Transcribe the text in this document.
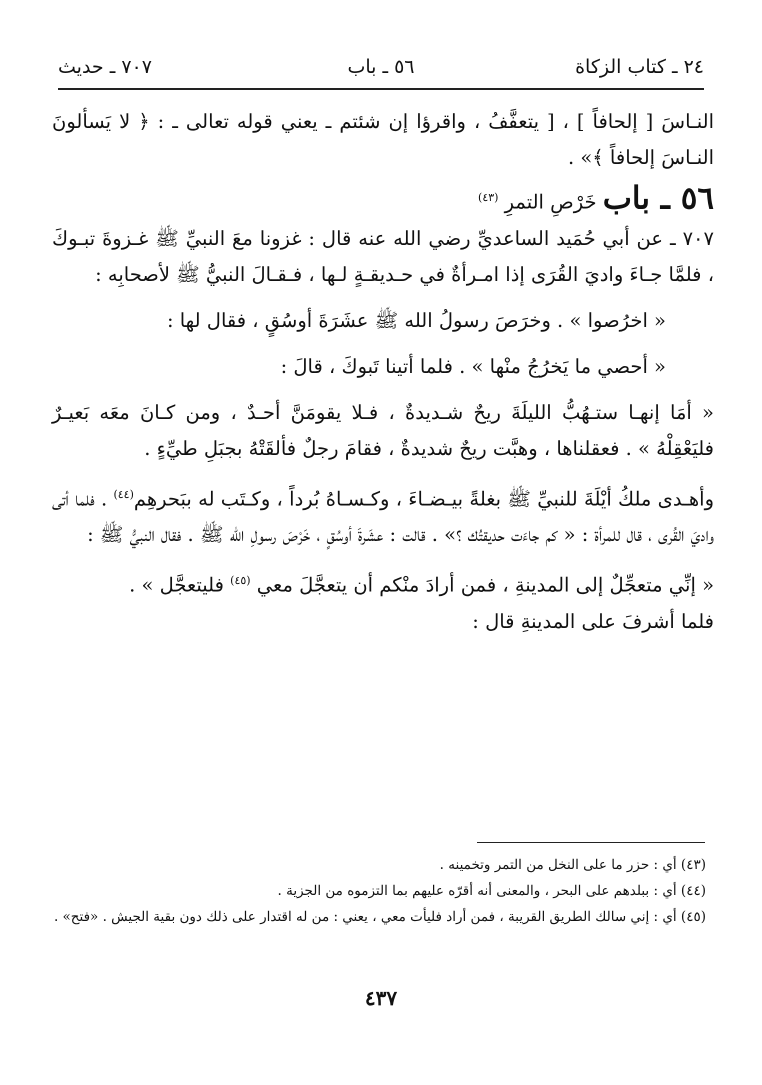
٢٤ ـ كتاب الزكاة
٥٦ ـ باب
٧٠٧ ـ حديث

النـاسَ [ إلحافاً ] ، [ يتعفَّفُ ، واقرؤا إن شئتم ـ يعني قوله تعالى ـ : ﴿ لا يَسألونَ النـاسَ إلحافاً ﴾» .

٥٦ ـ باب خَرْصِ التمرِ $^{(٤٣)}$

٧٠٧ ـ عن أبي حُمَيد الساعديِّ رضي الله عنه قال : غزونا معَ النبيِّ ﷺ غـزوةَ تبـوكَ ، فلمَّا جـاءَ واديَ القُرَى إذا امـرأةٌ في حـديقـةٍ لـها ، فـقـالَ النبيُّ ﷺ لأصحابِه :

« اخرُصوا » . وخرَصَ رسولُ الله ﷺ عشَرَةَ أوسُقٍ ، فقال لها :

« أحصي ما يَخرُجُ منْها » . فلما أتينا تَبوكَ ، قالَ :

« أمَا إنهـا ستـهُبُّ الليلَةَ ريحٌ شـديدةٌ ، فـلا يقومَنَّ أحـدٌ ، ومن كـانَ معَه بَعيـرٌ فليَعْقِلْهُ » . فعقلناها ، وهبَّت ريحٌ شديدةٌ ، فقامَ رجلٌ فألقَتْهُ بجبَلِ طيِّءٍ .

وأهـدى ملكُ أيْلَةَ للنبيِّ ﷺ بغلةً بيـضـاءَ ، وكـسـاهُ بُرداً ، وكـتَب له ببَحرهِم$^{(٤٤)}$ . فلما أتى واديَ القُرى ، قال للمرأة : « كم جاءَت حديقتُك ؟» . قالت : عشَرةَ أوسُقٍ ، خَرْصَ رسولِ الله ﷺ . فقال النبيُّ ﷺ :

« إنِّي متعجِّلٌ إلى المدينةِ ، فمن أرادَ منْكم أن يتعجَّلَ معي $^{(٤٥)}$ فليتعجَّل » .

فلما أشرفَ على المدينةِ قال :

(٤٣) أي : حزر ما على النخل من التمر وتخمينه .

(٤٤) أي : ببلدهم على البحر ، والمعنى أنه أقرّه عليهم بما التزموه من الجزية .

(٤٥) أي : إني سالك الطريق القريبة ، فمن أراد فليأت معي ، يعني : من له اقتدار على ذلك دون بقية الجيش . «فتح» .

٤٣٧
